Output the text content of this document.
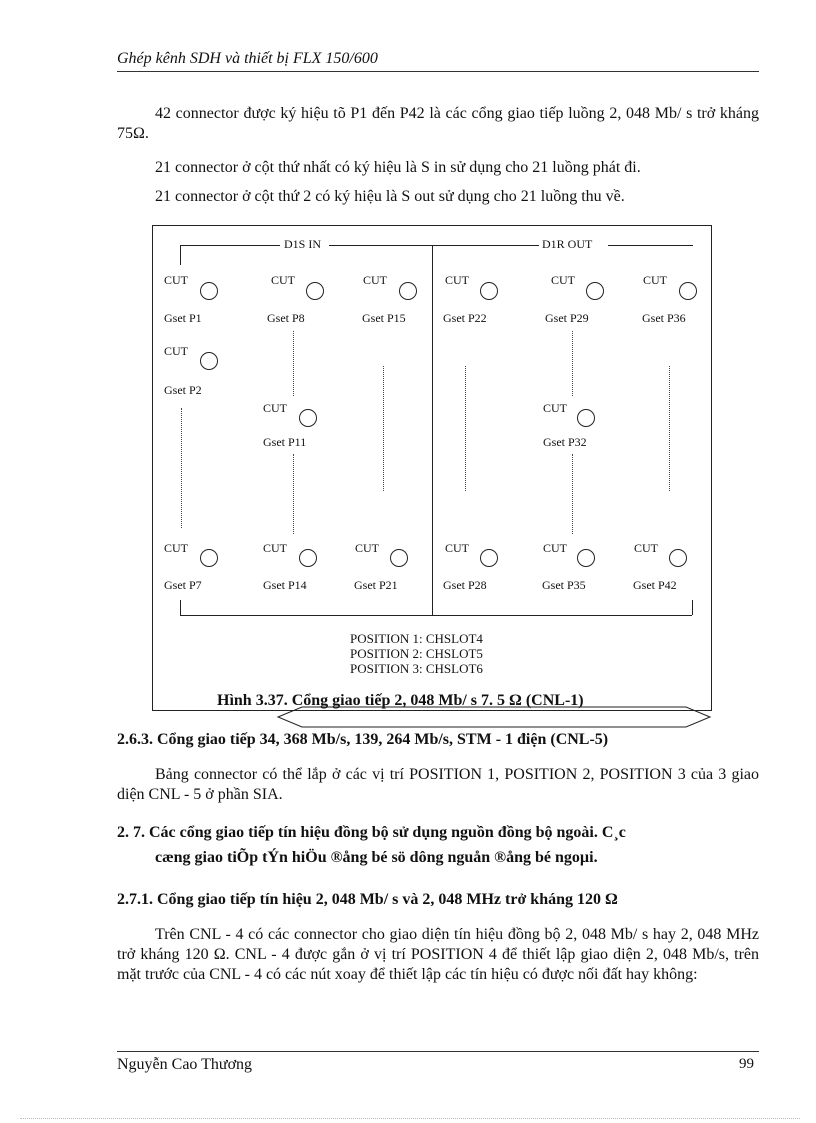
Ghép kênh SDH và thiết bị FLX 150/600
42 connector được ký hiệu tõ P1 đến P42 là các cổng giao tiếp luồng 2, 048 Mb/ s trở kháng 75Ω.
21 connector ở cột thứ nhất có ký hiệu là S in sử dụng cho 21 luồng phát đi.
21 connector ở cột thứ 2 có ký hiệu là S out sử dụng cho 21 luồng thu về.
D1S IN	D1R OUT
CUT
Gset P1
CUT
Gset P8
CUT
Gset P15
CUT
Gset P22
CUT
Gset P29
CUT
Gset P36
CUT
Gset P2
CUT
Gset P11
CUT
Gset P32
CUT
Gset P7
CUT
Gset P14
CUT
Gset P21
CUT
Gset P28
CUT
Gset P35
CUT
Gset P42
POSITION 1: CHSLOT4
POSITION 2: CHSLOT5
POSITION 3: CHSLOT6
Hình 3.37. Cổng giao tiếp 2, 048 Mb/ s 7. 5 Ω (CNL-1)
2.6.3. Cổng giao tiếp 34, 368 Mb/s, 139, 264 Mb/s, STM - 1 điện (CNL-5)
Bảng connector có thể lắp ở các vị trí POSITION 1, POSITION 2, POSITION 3 của 3 giao diện CNL - 5 ở phần SIA.
2. 7. Các cổng giao tiếp tín hiệu đồng bộ sử dụng nguồn đồng bộ ngoài. C¸c
cæng giao tiÕp tÝn hiÖu ®ång bé sö dông nguån ®ång bé ngoµi.
2.7.1. Cổng giao tiếp tín hiệu 2, 048 Mb/ s và 2, 048 MHz trở kháng 120 Ω
Trên CNL - 4 có các connector cho giao diện tín hiệu đồng bộ 2, 048 Mb/ s hay 2, 048 MHz trở kháng 120 Ω. CNL - 4 được gắn ở vị trí POSITION 4 để thiết lập giao diện 2, 048 Mb/s, trên mặt trước của CNL - 4 có các nút xoay để thiết lập các tín hiệu có được nối đất hay không:
Nguyễn Cao Thương	99
